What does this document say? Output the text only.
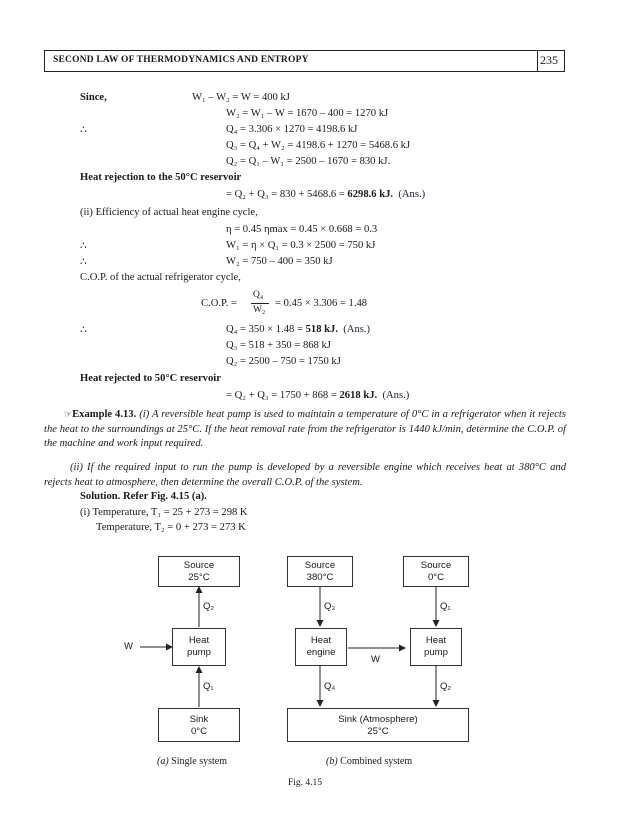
SECOND LAW OF THERMODYNAMICS AND ENTROPY	235
Since,	W₁ – W₂ = W = 400 kJ
W₂ = W₁ – W = 1670 – 400 = 1270 kJ
∴	Q₄ = 3.306 × 1270 = 4198.6 kJ
Q₃ = Q₄ + W₂ = 4198.6 + 1270 = 5468.6 kJ
Q₂ = Q₁ – W₁ = 2500 – 1670 = 830 kJ.
Heat rejection to the 50°C reservoir
= Q₂ + Q₃ = 830 + 5468.6 = 6298.6 kJ. (Ans.)
(ii) Efficiency of actual heat engine cycle,
η = 0.45 ηmax = 0.45 × 0.668 = 0.3
∴	W₁ = η × Q₁ = 0.3 × 2500 = 750 kJ
∴	W₂ = 750 – 400 = 350 kJ
C.O.P. of the actual refrigerator cycle,
C.O.P. =
Q₄
W₂
= 0.45 × 3.306 = 1.48
∴	Q₄ = 350 × 1.48 = 518 kJ. (Ans.)
Q₃ = 518 + 350 = 868 kJ
Q₂ = 2500 – 750 = 1750 kJ
Heat rejected to 50°C reservoir
= Q₂ + Q₃ = 1750 + 868 = 2618 kJ. (Ans.)
☞Example 4.13. (i) A reversible heat pump is used to maintain a temperature of 0°C in a refrigerator when it rejects the heat to the surroundings at 25°C. If the heat removal rate from the refrigerator is 1440 kJ/min, determine the C.O.P. of the machine and work input required.
(ii) If the required input to run the pump is developed by a reversible engine which receives heat at 380°C and rejects heat to atmosphere, then determine the overall C.O.P. of the system.
Solution. Refer Fig. 4.15 (a).
(i) Temperature, T₁ = 25 + 273 = 298 K
Temperature, T₂ = 0 + 273 = 273 K
Source
25°C
Heat
pump
Sink
0°C
W
Q₂
Q₁
Source
380°C
Source
0°C
Heat
engine
Heat
pump
Sink (Atmosphere)
25°C
Q₃
Q₄
Q₁
Q₂
W
(a) Single system	(b) Combined system
Fig. 4.15
